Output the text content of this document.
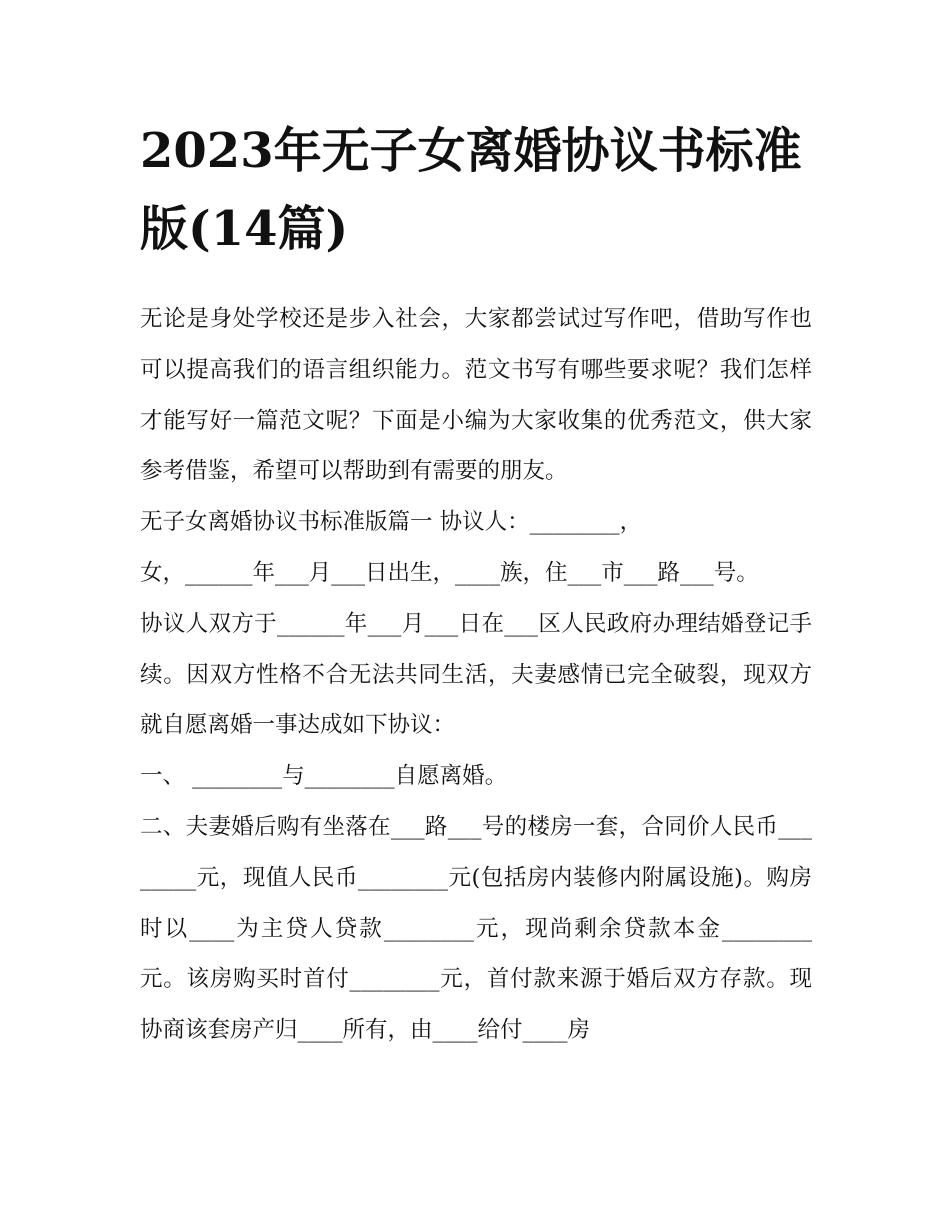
2023年无子女离婚协议书标准版(14篇)

无论是身处学校还是步入社会，大家都尝试过写作吧，借助写作也可以提高我们的语言组织能力。范文书写有哪些要求呢？我们怎样才能写好一篇范文呢？下面是小编为大家收集的优秀范文，供大家参考借鉴，希望可以帮助到有需要的朋友。

无子女离婚协议书标准版篇一 协议人：________，

女，______年___月___日出生，____族，住___市___路___号。

协议人双方于______年___月___日在___区人民政府办理结婚登记手续。因双方性格不合无法共同生活，夫妻感情已完全破裂，现双方就自愿离婚一事达成如下协议：

一、 ________与________自愿离婚。

二、夫妻婚后购有坐落在___路___号的楼房一套，合同价人民币________元，现值人民币________元(包括房内装修内附属设施)。购房时以____为主贷人贷款________元，现尚剩余贷款本金________元。该房购买时首付________元，首付款来源于婚后双方存款。现协商该套房产归____所有，由____给付____房
